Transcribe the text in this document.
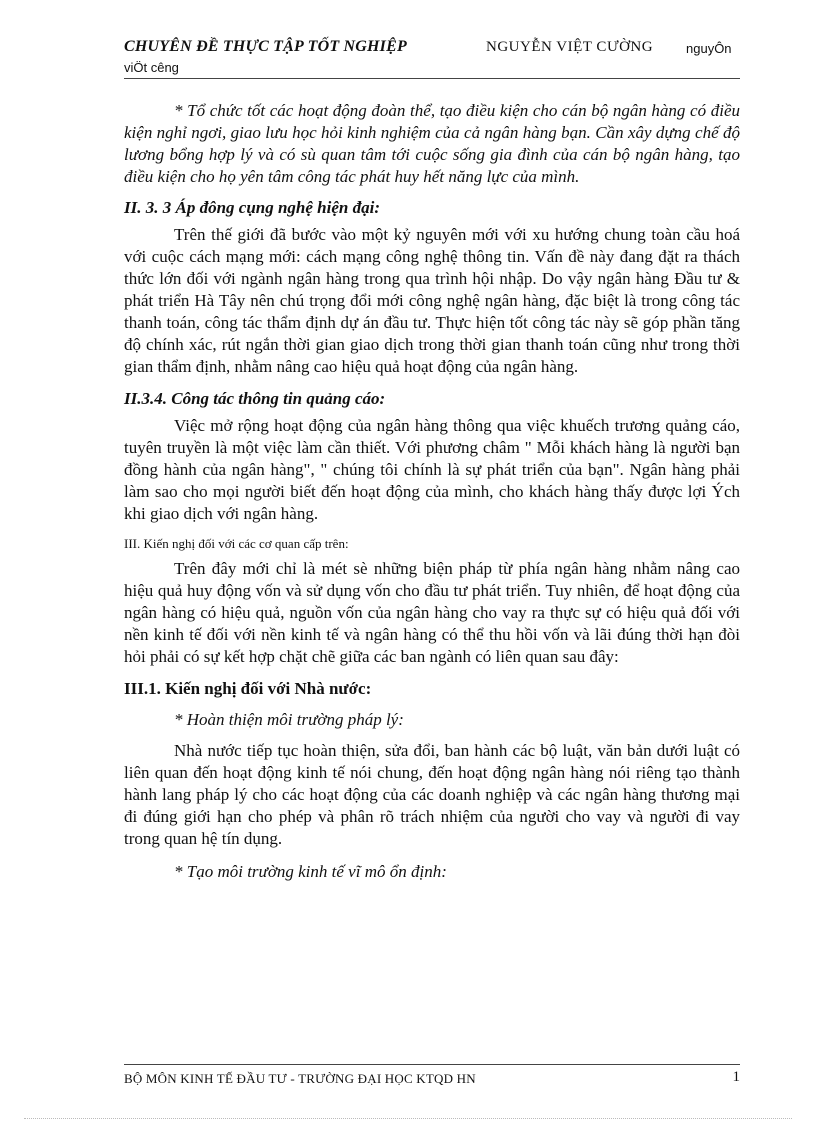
CHUYÊN ĐỀ THỰC TẬP TỐT NGHIỆP	NGUYỄN VIỆT CƯỜNG	nguyÔn
viÖt cêng

* Tổ chức tốt các hoạt động đoàn thể, tạo điều kiện cho cán bộ ngân hàng có điều kiện nghỉ ngơi, giao lưu học hỏi kinh nghiệm của cả ngân hàng bạn. Cần xây dựng chế độ lương bổng hợp lý và có sù quan tâm tới cuộc sống gia đình của cán bộ ngân hàng, tạo điều kiện cho họ yên tâm công tác phát huy hết năng lực của mình.

II. 3. 3 Áp đông cụng nghệ hiện đại:

Trên thế giới đã bước vào một kỷ nguyên mới với xu hướng chung toàn cầu hoá với cuộc cách mạng mới: cách mạng công nghệ thông tin. Vấn đề này đang đặt ra thách thức lớn đối với ngành ngân hàng trong qua trình hội nhập. Do vậy ngân hàng Đầu tư & phát triển Hà Tây nên chú trọng đổi mới công nghệ ngân hàng, đặc biệt là trong công tác thanh toán, công tác thẩm định dự án đầu tư. Thực hiện tốt công tác này sẽ góp phần tăng độ chính xác, rút ngắn thời gian giao dịch trong thời gian thanh toán cũng như trong thời gian thẩm định, nhằm nâng cao hiệu quả hoạt động của ngân hàng.

II.3.4. Công tác thông tin quảng cáo:

Việc mở rộng hoạt động của ngân hàng thông qua việc khuếch trương quảng cáo, tuyên truyền là một việc làm cần thiết. Với phương châm " Mỗi khách hàng là người bạn đồng hành của ngân hàng", " chúng tôi chính là sự phát triển của bạn". Ngân hàng phải làm sao cho mọi người biết đến hoạt động của mình, cho khách hàng thấy được lợi Ých khi giao dịch với ngân hàng.

III. Kiến nghị đối với các cơ quan cấp trên:

Trên đây mới chỉ là mét sè những biện pháp từ phía ngân hàng nhằm nâng cao hiệu quả huy động vốn và sử dụng vốn cho đầu tư phát triển. Tuy nhiên, để hoạt động của ngân hàng có hiệu quả, nguồn vốn của ngân hàng cho vay ra thực sự có hiệu quả đối với nền kinh tế đối với nền kinh tế và ngân hàng có thể thu hồi vốn và lãi đúng thời hạn đòi hỏi phải có sự kết hợp chặt chẽ giữa các ban ngành có liên quan sau đây:

III.1. Kiến nghị đối với Nhà nước:

* Hoàn thiện môi trường pháp lý:

Nhà nước tiếp tục hoàn thiện, sửa đổi, ban hành các bộ luật, văn bản dưới luật có liên quan đến hoạt động kinh tế nói chung, đến hoạt động ngân hàng nói riêng tạo thành hành lang pháp lý cho các hoạt động của các doanh nghiệp và các ngân hàng thương mại đi đúng giới hạn cho phép và phân rõ trách nhiệm của người cho vay và người đi vay trong quan hệ tín dụng.

* Tạo môi trường kinh tế vĩ mô ổn định:

BỘ MÔN KINH TẾ ĐẦU TƯ - TRƯỜNG ĐẠI HỌC KTQD HN	1
